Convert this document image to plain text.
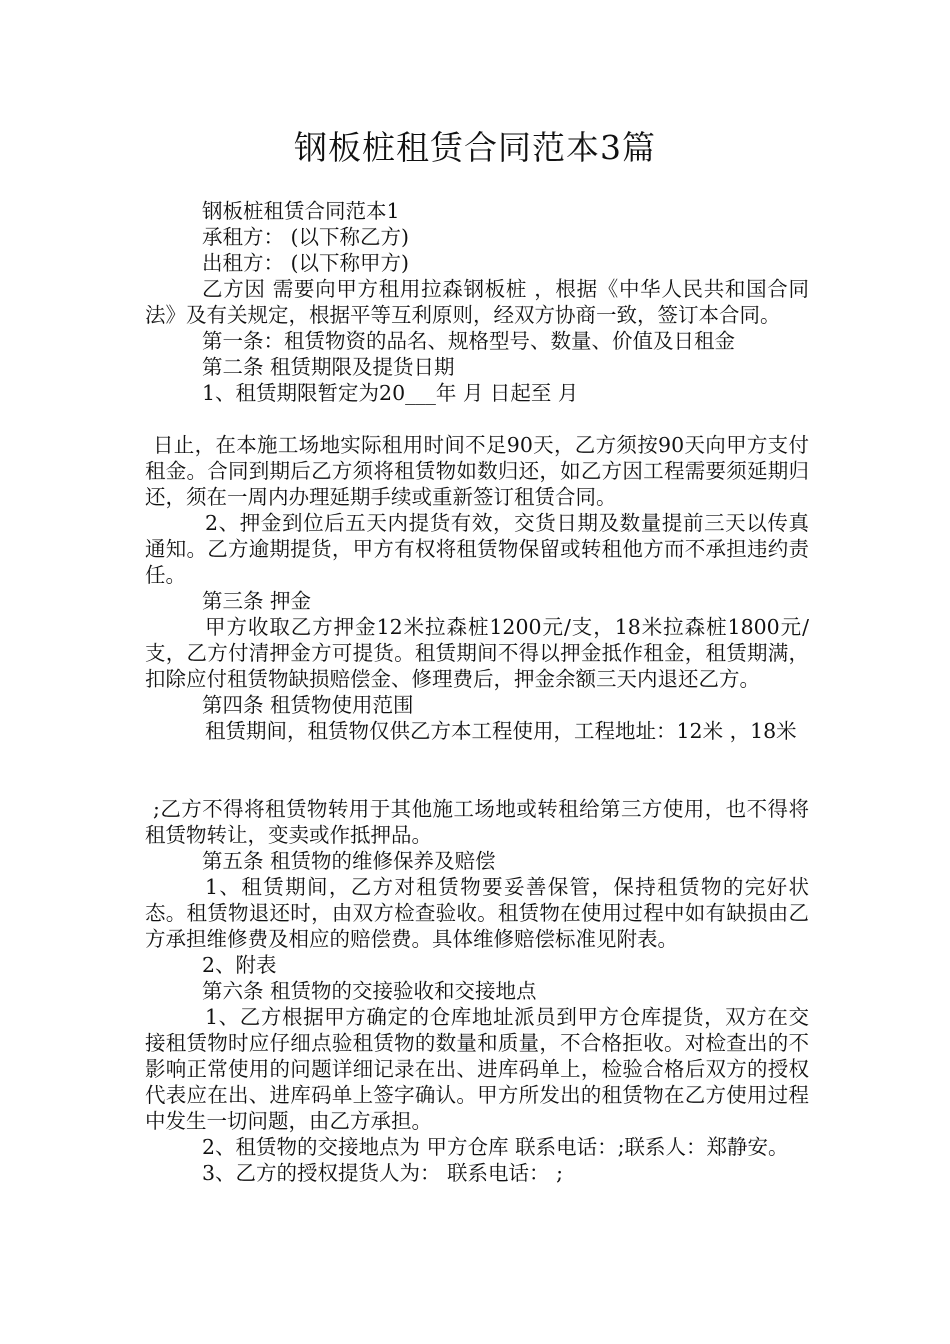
钢板桩租赁合同范本3篇

钢板桩租赁合同范本1

承租方： (以下称乙方)

出租方： (以下称甲方)

乙方因 需要向甲方租用拉森钢板桩 ，根据《中华人民共和国合同法》及有关规定，根据平等互利原则，经双方协商一致，签订本合同。

第一条：租赁物资的品名、规格型号、数量、价值及日租金

第二条 租赁期限及提货日期

1、租赁期限暂定为20___年 月 日起至 月

日止，在本施工场地实际租用时间不足90天，乙方须按90天向甲方支付租金。合同到期后乙方须将租赁物如数归还，如乙方因工程需要须延期归还，须在一周内办理延期手续或重新签订租赁合同。

2、押金到位后五天内提货有效，交货日期及数量提前三天以传真通知。乙方逾期提货，甲方有权将租赁物保留或转租他方而不承担违约责任。

第三条 押金

甲方收取乙方押金12米拉森桩1200元/支，18米拉森桩1800元/支，乙方付清押金方可提货。租赁期间不得以押金抵作租金，租赁期满，扣除应付租赁物缺损赔偿金、修理费后，押金余额三天内退还乙方。

第四条 租赁物使用范围

租赁期间，租赁物仅供乙方本工程使用，工程地址：12米 ，18米

;乙方不得将租赁物转用于其他施工场地或转租给第三方使用，也不得将租赁物转让，变卖或作抵押品。

第五条 租赁物的维修保养及赔偿

1、租赁期间，乙方对租赁物要妥善保管，保持租赁物的完好状态。租赁物退还时，由双方检查验收。租赁物在使用过程中如有缺损由乙方承担维修费及相应的赔偿费。具体维修赔偿标准见附表。

2、附表

第六条 租赁物的交接验收和交接地点

1、乙方根据甲方确定的仓库地址派员到甲方仓库提货，双方在交接租赁物时应仔细点验租赁物的数量和质量，不合格拒收。对检查出的不影响正常使用的问题详细记录在出、进库码单上，检验合格后双方的授权代表应在出、进库码单上签字确认。甲方所发出的租赁物在乙方使用过程中发生一切问题，由乙方承担。

2、租赁物的交接地点为 甲方仓库 联系电话：;联系人：郑静安。

3、乙方的授权提货人为： 联系电话： ;
